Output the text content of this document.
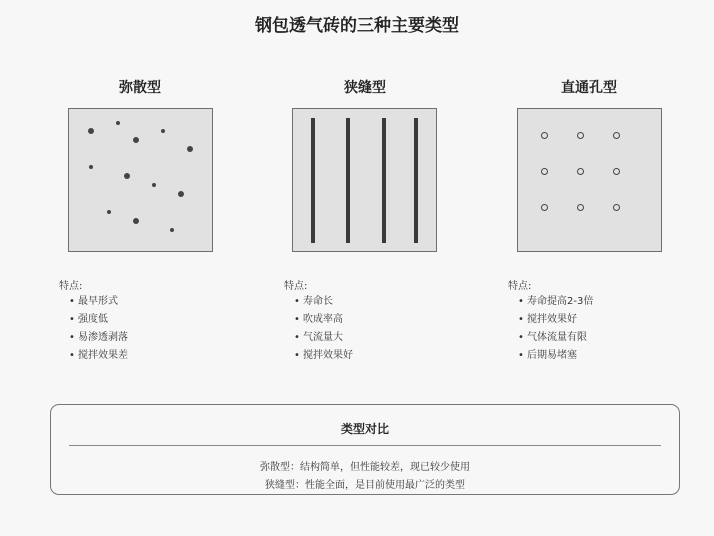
钢包透气砖的三种主要类型
弥散型
特点:
• 最早形式
• 强度低
• 易渗透剥落
• 搅拌效果差
狭缝型
特点:
• 寿命长
• 吹成率高
• 气流量大
• 搅拌效果好
直通孔型
特点:
• 寿命提高2-3倍
• 搅拌效果好
• 气体流量有限
• 后期易堵塞
类型对比
弥散型：结构简单，但性能较差，现已较少使用
狭缝型：性能全面，是目前使用最广泛的类型
